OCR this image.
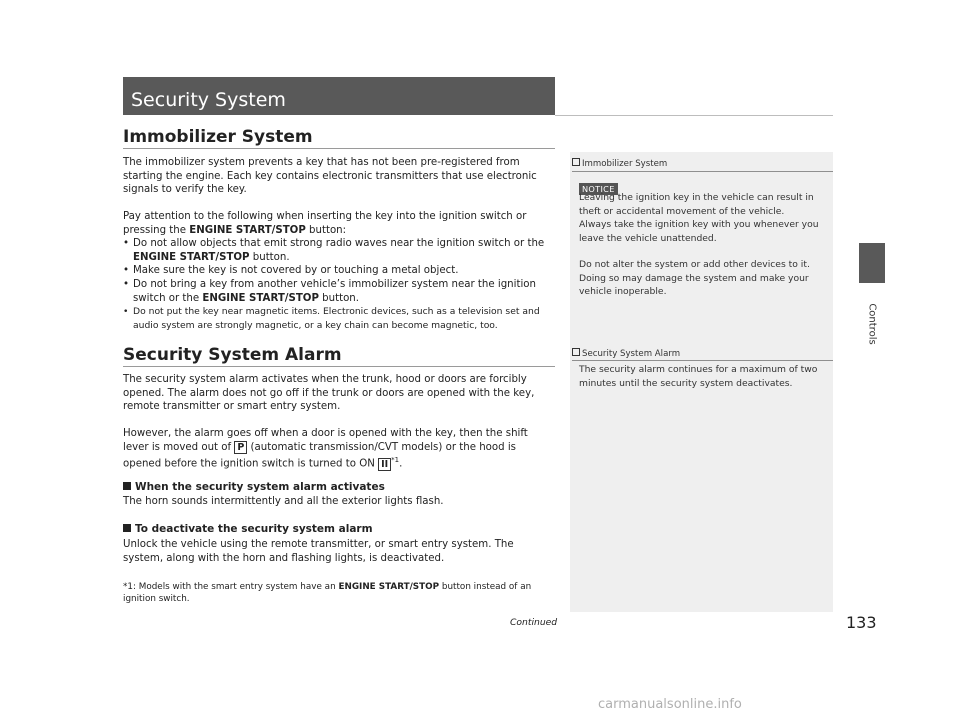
Security System
Controls
Immobilizer System
The immobilizer system prevents a key that has not been pre-registered from starting the engine. Each key contains electronic transmitters that use electronic signals to verify the key.
Pay attention to the following when inserting the key into the ignition switch or pressing the ENGINE START/STOP button:
• Do not allow objects that emit strong radio waves near the ignition switch or the ENGINE START/STOP button.
• Make sure the key is not covered by or touching a metal object.
• Do not bring a key from another vehicle’s immobilizer system near the ignition switch or the ENGINE START/STOP button.
• Do not put the key near magnetic items. Electronic devices, such as a television set and audio system are strongly magnetic, or a key chain can become magnetic, too.
Security System Alarm
The security system alarm activates when the trunk, hood or doors are forcibly opened. The alarm does not go off if the trunk or doors are opened with the key, remote transmitter or smart entry system.
However, the alarm goes off when a door is opened with the key, then the shift lever is moved out of P (automatic transmission/CVT models) or the hood is opened before the ignition switch is turned to ON II $^{*1}$.
When the security system alarm activates
The horn sounds intermittently and all the exterior lights flash.
To deactivate the security system alarm
Unlock the vehicle using the remote transmitter, or smart entry system. The system, along with the horn and flashing lights, is deactivated.
*1: Models with the smart entry system have an ENGINE START/STOP button instead of an ignition switch.
Immobilizer System
NOTICE
Leaving the ignition key in the vehicle can result in theft or accidental movement of the vehicle.
Always take the ignition key with you whenever you leave the vehicle unattended.
Do not alter the system or add other devices to it. Doing so may damage the system and make your vehicle inoperable.
Security System Alarm
The security alarm continues for a maximum of two minutes until the security system deactivates.
Continued	133
carmanualsonline.info
